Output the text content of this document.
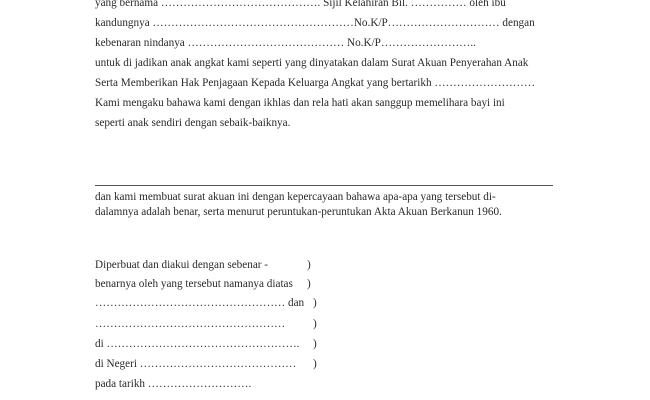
yang bernama ……………………………………. Sijil Kelahiran Bil. …………… oleh ibu
kandungnya ………………………………………………No.K/P………………………… dengan
kebenaran nindanya …………………………………… No.K/P……………………..
untuk di jadikan anak angkat kami seperti yang dinyatakan dalam Surat Akuan Penyerahan Anak
Serta Memberikan Hak Penjagaan Kepada Keluarga Angkat yang bertarikh ………………………
Kami mengaku bahawa kami dengan ikhlas dan rela hati akan sanggup memelihara bayi ini
seperti anak sendiri dengan sebaik-baiknya.
dan kami membuat surat akuan ini dengan kepercayaan bahawa apa-apa yang tersebut di-
dalamnya adalah benar, serta menurut peruntukan-peruntukan Akta Akuan Berkanun 1960.
Diperbuat dan diakui dengan sebenar -	)
benarnya oleh yang tersebut namanya diatas )
…………………………………………… dan )
…………………………………………… )
di ……………………………………………. )
di Negeri …………………………………… )
pada tarikh ……………………….
